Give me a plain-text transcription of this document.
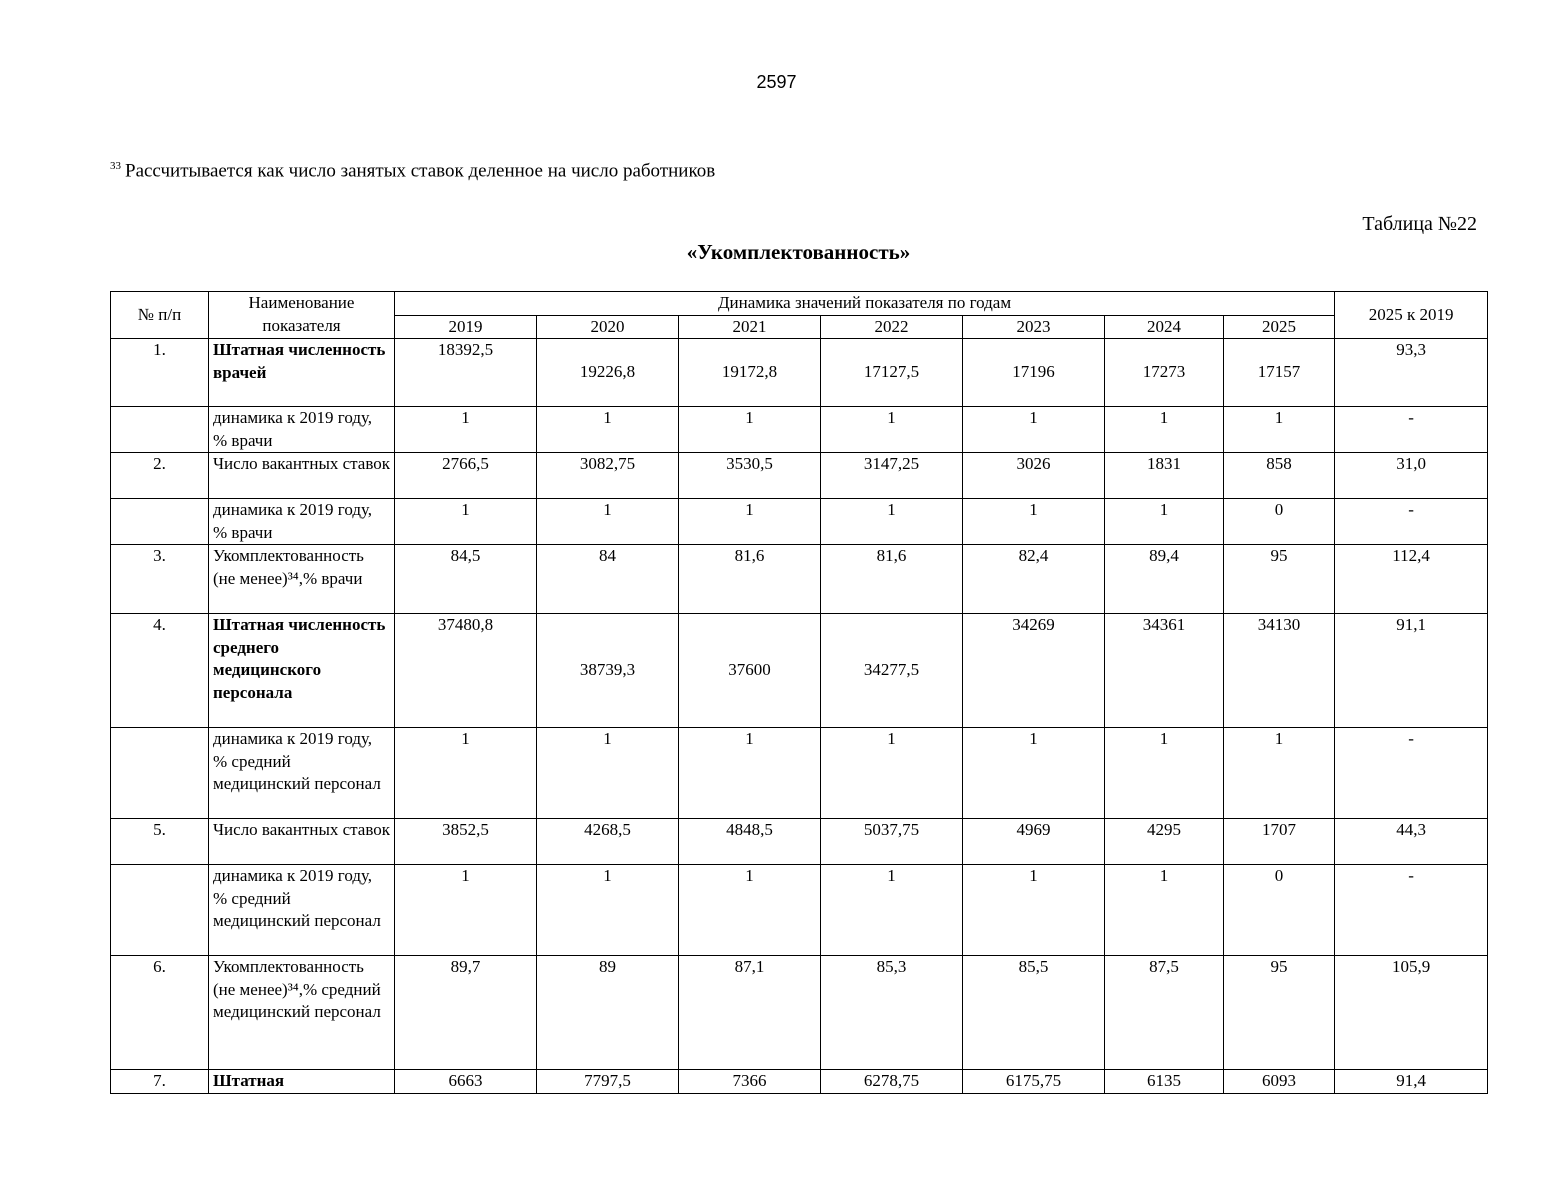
2597
$^{33}$ Рассчитывается как число занятых ставок деленное на число работников
Таблица №22
«Укомплектованность»
№ п/п	Наименование показателя	Динамика значений показателя по годам							2025 к 2019
		2019	2020	2021	2022	2023	2024	2025	
1.	Штатная численность врачей	18392,5	19226,8	19172,8	17127,5	17196	17273	17157	93,3
	динамика к 2019 году, % врачи	1	1	1	1	1	1	1	-
2.	Число вакантных ставок	2766,5	3082,75	3530,5	3147,25	3026	1831	858	31,0
	динамика к 2019 году, % врачи	1	1	1	1	1	1	0	-
3.	Укомплектованность (не менее)³⁴,% врачи	84,5	84	81,6	81,6	82,4	89,4	95	112,4
4.	Штатная численность среднего медицинского персонала	37480,8	38739,3	37600	34277,5	34269	34361	34130	91,1
	динамика к 2019 году, % средний медицинский персонал	1	1	1	1	1	1	1	-
5.	Число вакантных ставок	3852,5	4268,5	4848,5	5037,75	4969	4295	1707	44,3
	динамика к 2019 году, % средний медицинский персонал	1	1	1	1	1	1	0	-
6.	Укомплектованность (не менее)³⁴,% средний медицинский персонал	89,7	89	87,1	85,3	85,5	87,5	95	105,9
7.	Штатная	6663	7797,5	7366	6278,75	6175,75	6135	6093	91,4
